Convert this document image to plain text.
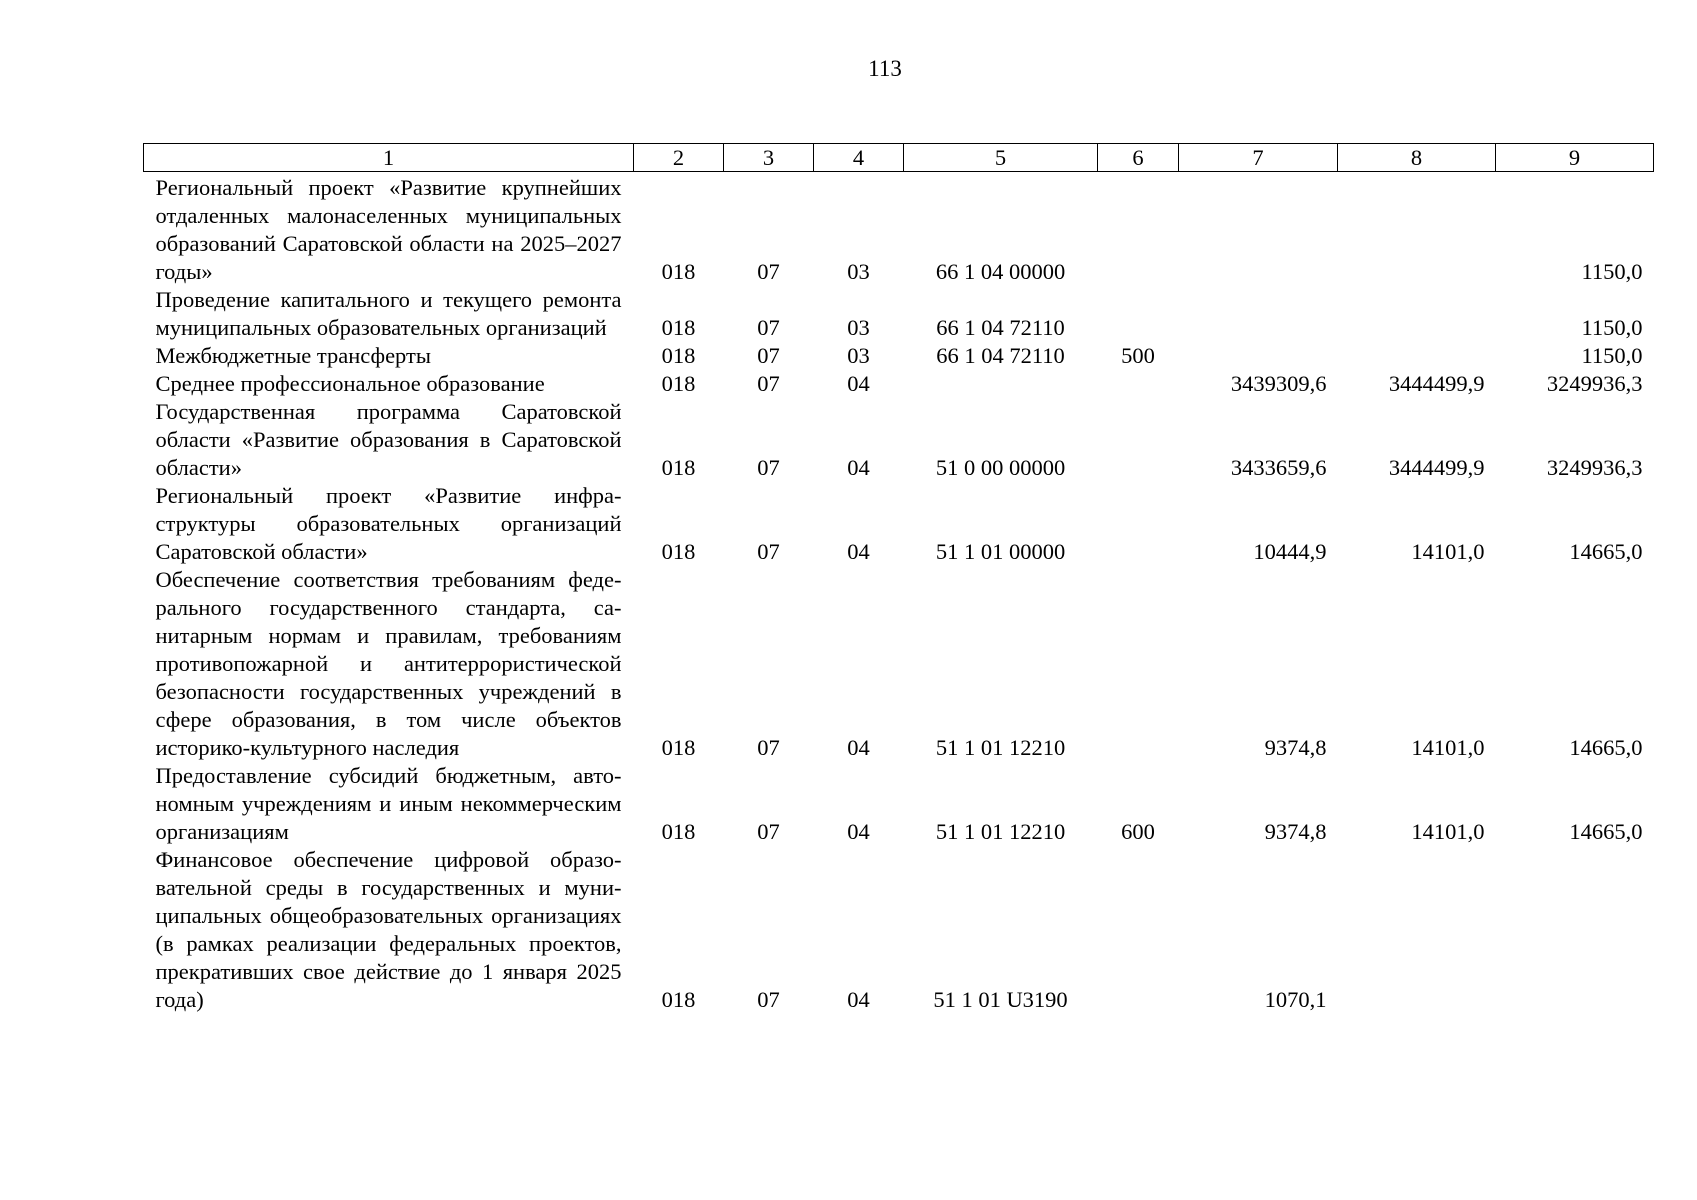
113
1	2	3	4	5	6	7	8	9
Региональный проект «Развитие крупнейших отдаленных малонаселенных муниципальных образований Саратовской области на 2025–2027 годы»	018	07	03	66 1 04 00000				1150,0
Проведение капитального и текущего ремонта муниципальных образовательных организаций	018	07	03	66 1 04 72110				1150,0
Межбюджетные трансферты	018	07	03	66 1 04 72110	500			1150,0
Среднее профессиональное образование	018	07	04			3439309,6	3444499,9	3249936,3
Государственная программа Саратовской области «Развитие образования в Саратовской области»	018	07	04	51 0 00 00000		3433659,6	3444499,9	3249936,3
Региональный проект «Развитие инфраструктуры образовательных организаций Саратовской области»	018	07	04	51 1 01 00000		10444,9	14101,0	14665,0
Обеспечение соответствия требованиям федерального государственного стандарта, санитарным нормам и правилам, требованиям противопожарной и антитеррористической безопасности государственных учреждений в сфере образования, в том числе объектов историко-культурного наследия	018	07	04	51 1 01 12210		9374,8	14101,0	14665,0
Предоставление субсидий бюджетным, автономным учреждениям и иным некоммерческим организациям	018	07	04	51 1 01 12210	600	9374,8	14101,0	14665,0
Финансовое обеспечение цифровой образовательной среды в государственных и муниципальных общеобразовательных организациях (в рамках реализации федеральных проектов, прекративших свое действие до 1 января 2025 года)	018	07	04	51 1 01 U3190		1070,1		
